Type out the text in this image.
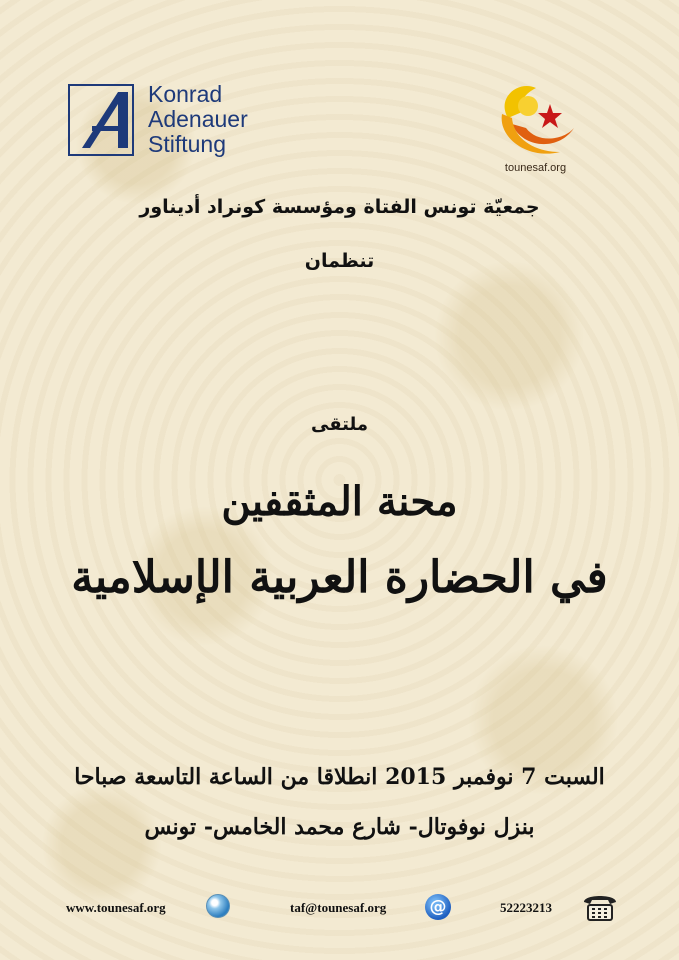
Konrad
Adenauer
Stiftung
tounesaf.org
جمعيّة تونس الفتاة ومؤسسة كونراد أديناور
تنظمان
ملتقى
محنة المثقفين
في الحضارة العربية الإسلامية
السبت 7 نوفمبر 2015 انطلاقا من الساعة التاسعة صباحا
بنزل نوفوتال- شارع محمد الخامس- تونس
www.tounesaf.org	taf@tounesaf.org	@	52223213
